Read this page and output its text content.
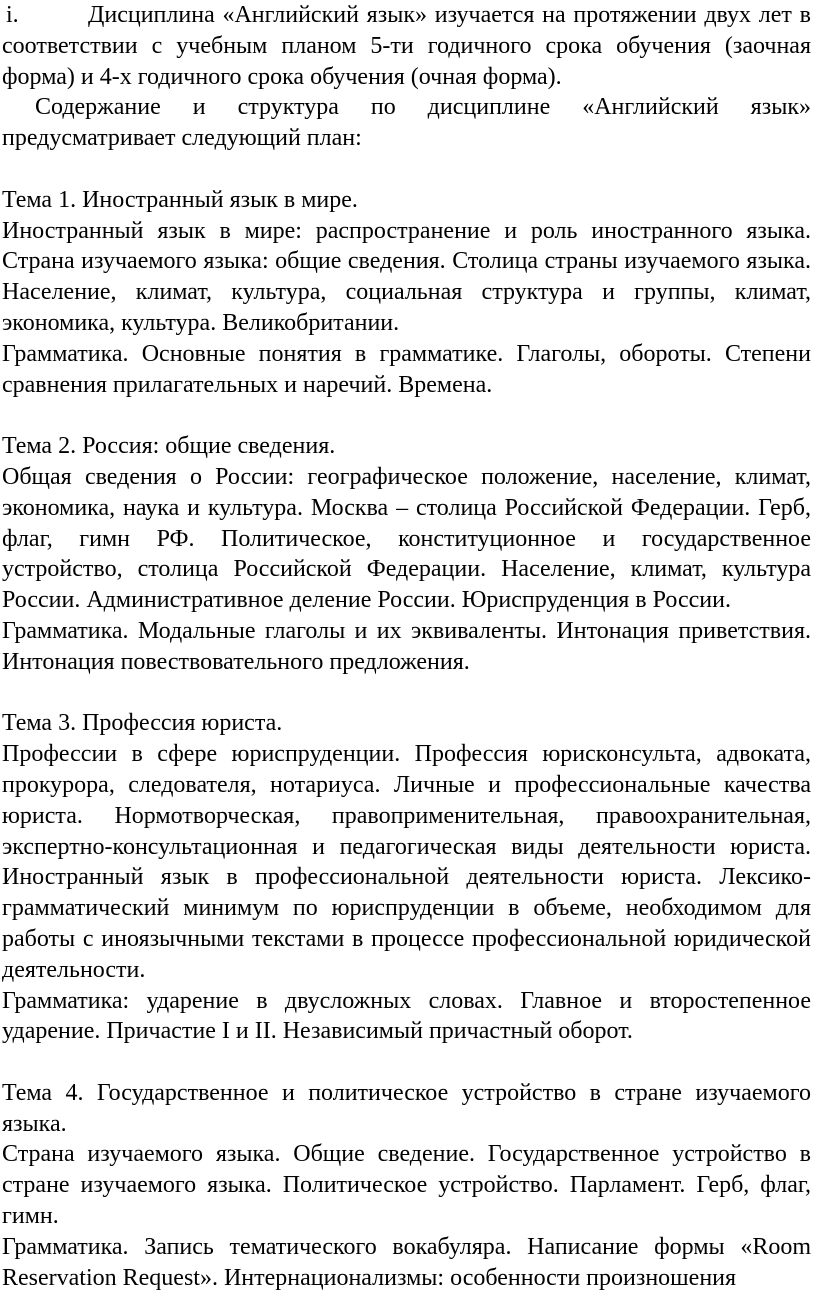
i.	Дисциплина «Английский язык» изучается на протяжении двух лет в соответствии с учебным планом 5-ти годичного срока обучения (заочная форма) и 4-х годичного срока обучения (очная форма).

Содержание и структура по дисциплине «Английский язык» предусматривает следующий план:

Тема 1. Иностранный язык в мире.

Иностранный язык в мире: распространение и роль иностранного языка. Страна изучаемого языка: общие сведения. Столица страны изучаемого языка. Население, климат, культура, социальная структура и группы, климат, экономика, культура. Великобритании.

Грамматика. Основные понятия в грамматике. Глаголы, обороты. Степени сравнения прилагательных и наречий. Времена.

Тема 2. Россия: общие сведения.

Общая сведения о России: географическое положение, население, климат, экономика, наука и культура. Москва – столица Российской Федерации. Герб, флаг, гимн РФ. Политическое, конституционное и государственное устройство, столица Российской Федерации. Население, климат, культура России. Административное деление России. Юриспруденция в России.

Грамматика. Модальные глаголы и их эквиваленты. Интонация приветствия. Интонация повествовательного предложения.

Тема 3. Профессия юриста.

Профессии в сфере юриспруденции. Профессия юрисконсульта, адвоката, прокурора, следователя, нотариуса. Личные и профессиональные качества юриста. Нормотворческая, правоприменительная, правоохранительная, экспертно-консультационная и педагогическая виды деятельности юриста. Иностранный язык в профессиональной деятельности юриста. Лексико-грамматический минимум по юриспруденции в объеме, необходимом для работы с иноязычными текстами в процессе профессиональной юридической деятельности.

Грамматика: ударение в двусложных словах. Главное и второстепенное ударение. Причастие I и II. Независимый причастный оборот.

Тема 4. Государственное и политическое устройство в стране изучаемого языка.

Страна изучаемого языка. Общие сведение. Государственное устройство в стране изучаемого языка. Политическое устройство. Парламент. Герб, флаг, гимн.

Грамматика. Запись тематического вокабуляра. Написание формы «Room Reservation Request». Интернационализмы: особенности произношения
